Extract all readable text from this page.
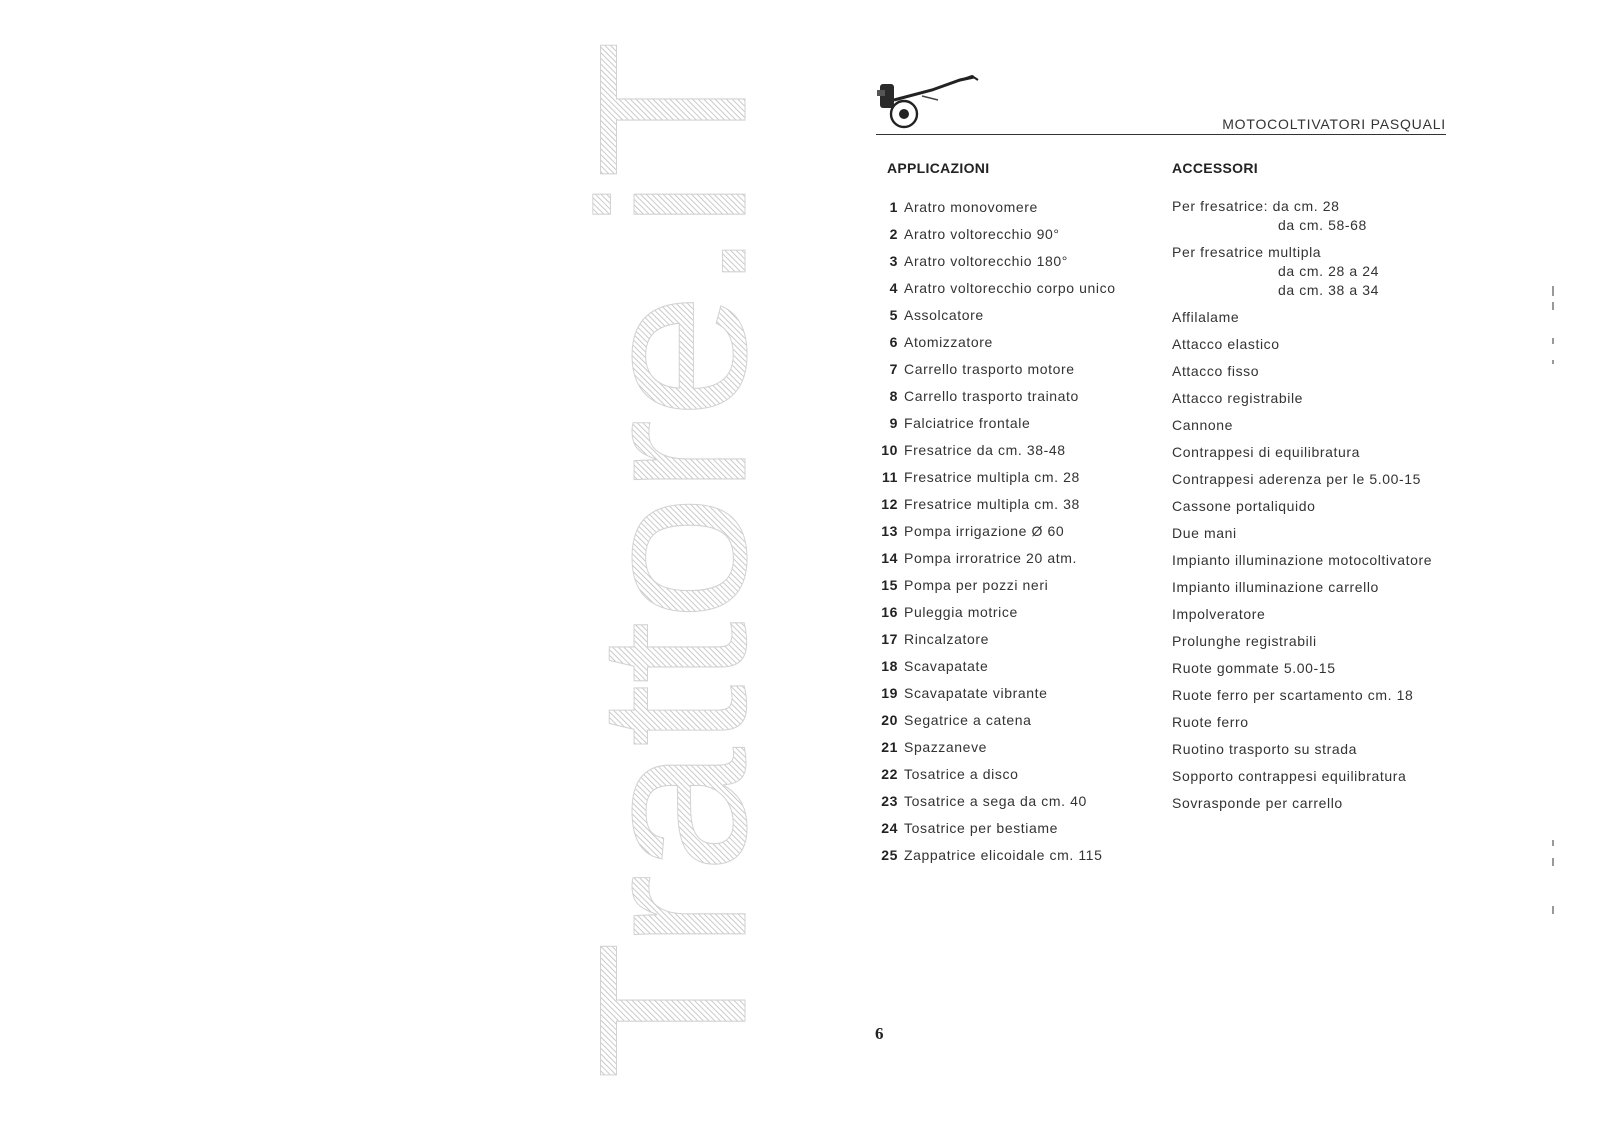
Trattore.iT	MOTOCOLTIVATORI PASQUALI
APPLICAZIONI	ACCESSORI
1 Aratro monovomere
2 Aratro voltorecchio 90°
3 Aratro voltorecchio 180°
4 Aratro voltorecchio corpo unico
5 Assolcatore
6 Atomizzatore
7 Carrello trasporto motore
8 Carrello trasporto trainato
9 Falciatrice frontale
10 Fresatrice da cm. 38-48
11 Fresatrice multipla cm. 28
12 Fresatrice multipla cm. 38
13 Pompa irrigazione Ø 60
14 Pompa irroratrice 20 atm.
15 Pompa per pozzi neri
16 Puleggia motrice
17 Rincalzatore
18 Scavapatate
19 Scavapatate vibrante
20 Segatrice a catena
21 Spazzaneve
22 Tosatrice a disco
23 Tosatrice a sega da cm. 40
24 Tosatrice per bestiame
25 Zappatrice elicoidale cm. 115
Per fresatrice: da cm. 28
da cm. 58-68
Per fresatrice multipla
da cm. 28 a 24
da cm. 38 a 34
Affilalame
Attacco elastico
Attacco fisso
Attacco registrabile
Cannone
Contrappesi di equilibratura
Contrappesi aderenza per le 5.00-15
Cassone portaliquido
Due mani
Impianto illuminazione motocoltivatore
Impianto illuminazione carrello
Impolveratore
Prolunghe registrabili
Ruote gommate 5.00-15
Ruote ferro per scartamento cm. 18
Ruote ferro
Ruotino trasporto su strada
Sopporto contrappesi equilibratura
Sovrasponde per carrello
6
